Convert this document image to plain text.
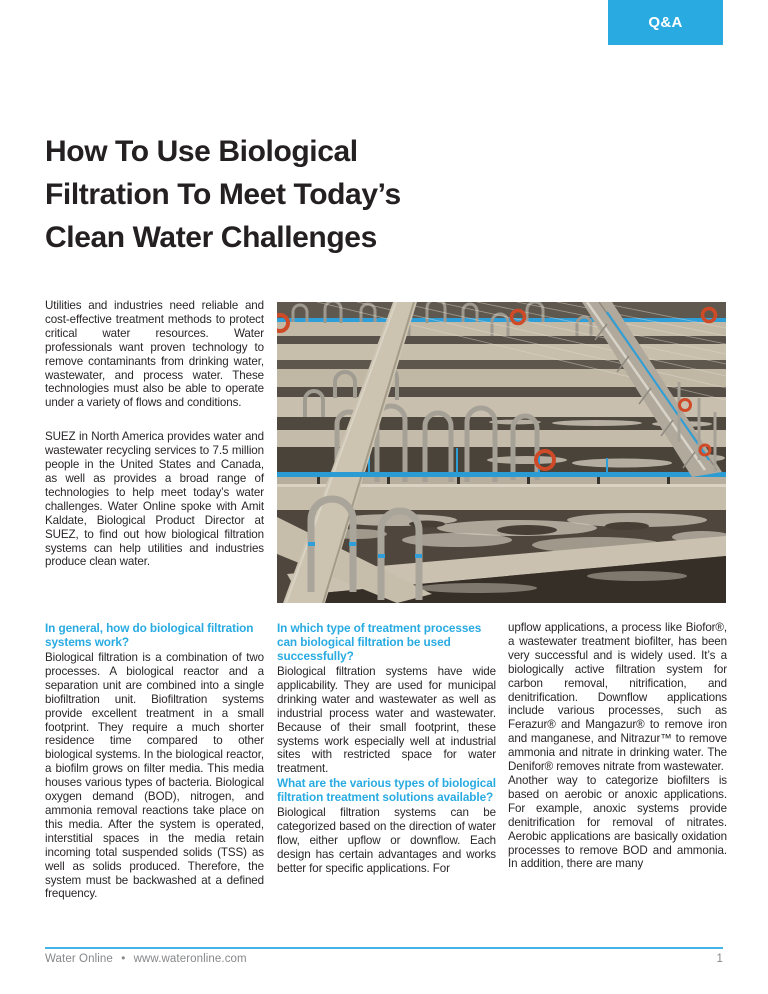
Q&A
How To Use Biological
Filtration To Meet Today’s
Clean Water Challenges

Utilities and industries need reliable and cost-effective treatment methods to protect critical water resources. Water professionals want proven technology to remove contaminants from drinking water, wastewater, and process water. These technologies must also be able to operate under a variety of flows and conditions.

SUEZ in North America provides water and wastewater recycling services to 7.5 million people in the United States and Canada, as well as provides a broad range of technologies to help meet today’s water challenges. Water Online spoke with Amit Kaldate, Biological Product Director at SUEZ, to find out how biological filtration systems can help utilities and industries produce clean water.

In general, how do biological filtration systems work?

Biological filtration is a combination of two processes. A biological reactor and a separation unit are combined into a single biofiltration unit. Biofiltration systems provide excellent treatment in a small footprint. They require a much shorter residence time compared to other biological systems. In the biological reactor, a biofilm grows on filter media. This media houses various types of bacteria. Biological oxygen demand (BOD), nitrogen, and ammonia removal reactions take place on this media. After the system is operated, interstitial spaces in the media retain incoming total suspended solids (TSS) as well as solids produced. Therefore, the system must be backwashed at a defined frequency.

In which type of treatment processes can biological filtration be used successfully?

Biological filtration systems have wide applicability. They are used for municipal drinking water and wastewater as well as industrial process water and wastewater. Because of their small footprint, these systems work especially well at industrial sites with restricted space for water treatment.

What are the various types of biological filtration treatment solutions available?

Biological filtration systems can be categorized based on the direction of water flow, either upflow or downflow. Each design has certain advantages and works better for specific applications. For

upflow applications, a process like Biofor®, a wastewater treatment biofilter, has been very successful and is widely used. It’s a biologically active filtration system for carbon removal, nitrification, and denitrification. Downflow applications include various processes, such as Ferazur® and Mangazur® to remove iron and manganese, and Nitrazur™ to remove ammonia and nitrate in drinking water. The Denifor® removes nitrate from wastewater.

Another way to categorize biofilters is based on aerobic or anoxic applications. For example, anoxic systems provide denitrification for removal of nitrates. Aerobic applications are basically oxidation processes to remove BOD and ammonia. In addition, there are many

Water Online • www.wateronline.com	1
